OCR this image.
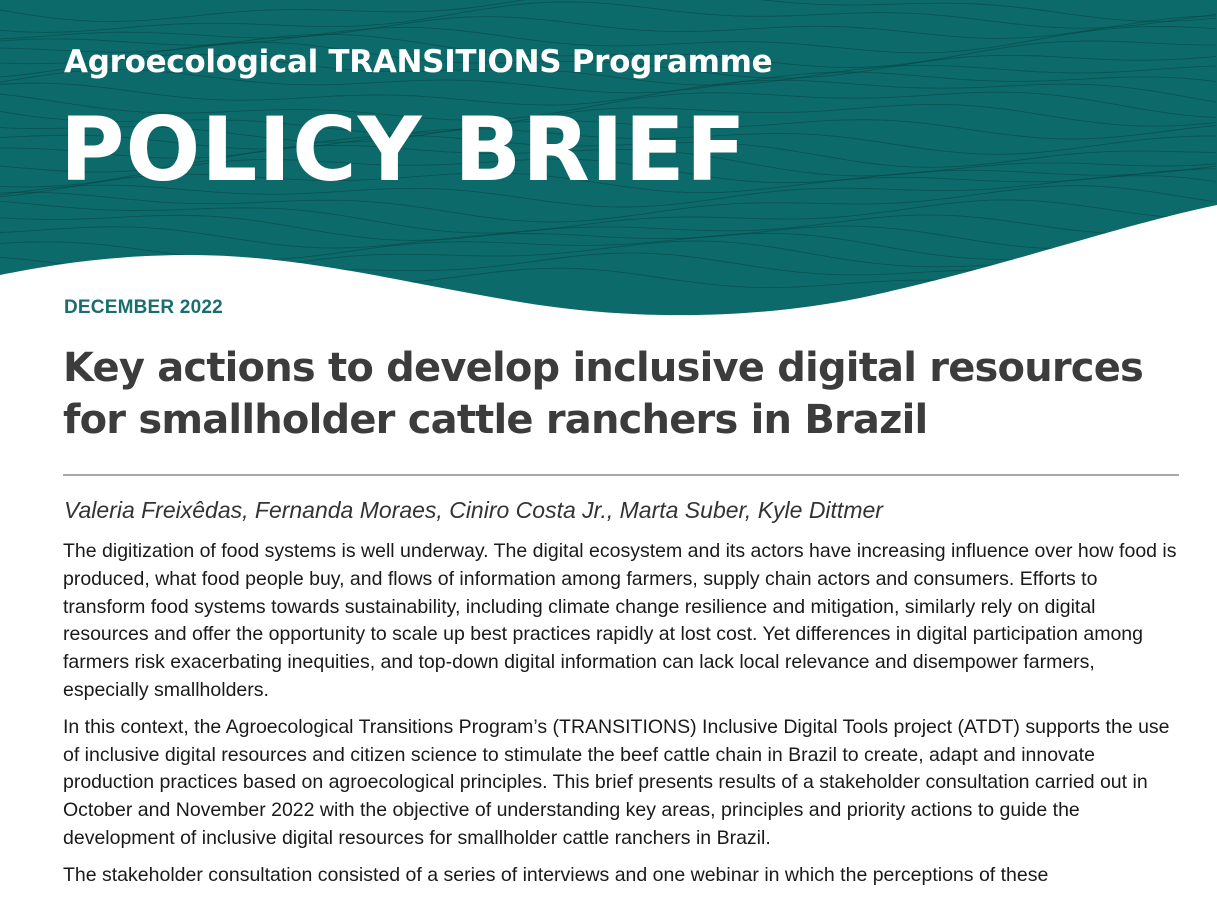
Agroecological TRANSITIONS Programme
POLICY BRIEF
DECEMBER 2022
Key actions to develop inclusive digital resources for smallholder cattle ranchers in Brazil
Valeria Freixêdas, Fernanda Moraes, Ciniro Costa Jr., Marta Suber, Kyle Dittmer

The digitization of food systems is well underway. The digital ecosystem and its actors have increasing influence over how food is produced, what food people buy, and flows of information among farmers, supply chain actors and consumers. Efforts to transform food systems towards sustainability, including climate change resilience and mitigation, similarly rely on digital resources and offer the opportunity to scale up best practices rapidly at lost cost. Yet differences in digital participation among farmers risk exacerbating inequities, and top-down digital information can lack local relevance and disempower farmers, especially smallholders.

In this context, the Agroecological Transitions Program’s (TRANSITIONS) Inclusive Digital Tools project (ATDT) supports the use of inclusive digital resources and citizen science to stimulate the beef cattle chain in Brazil to create, adapt and innovate production practices based on agroecological principles. This brief presents results of a stakeholder consultation carried out in October and November 2022 with the objective of understanding key areas, principles and priority actions to guide the development of inclusive digital resources for smallholder cattle ranchers in Brazil.

The stakeholder consultation consisted of a series of interviews and one webinar in which the perceptions of these
